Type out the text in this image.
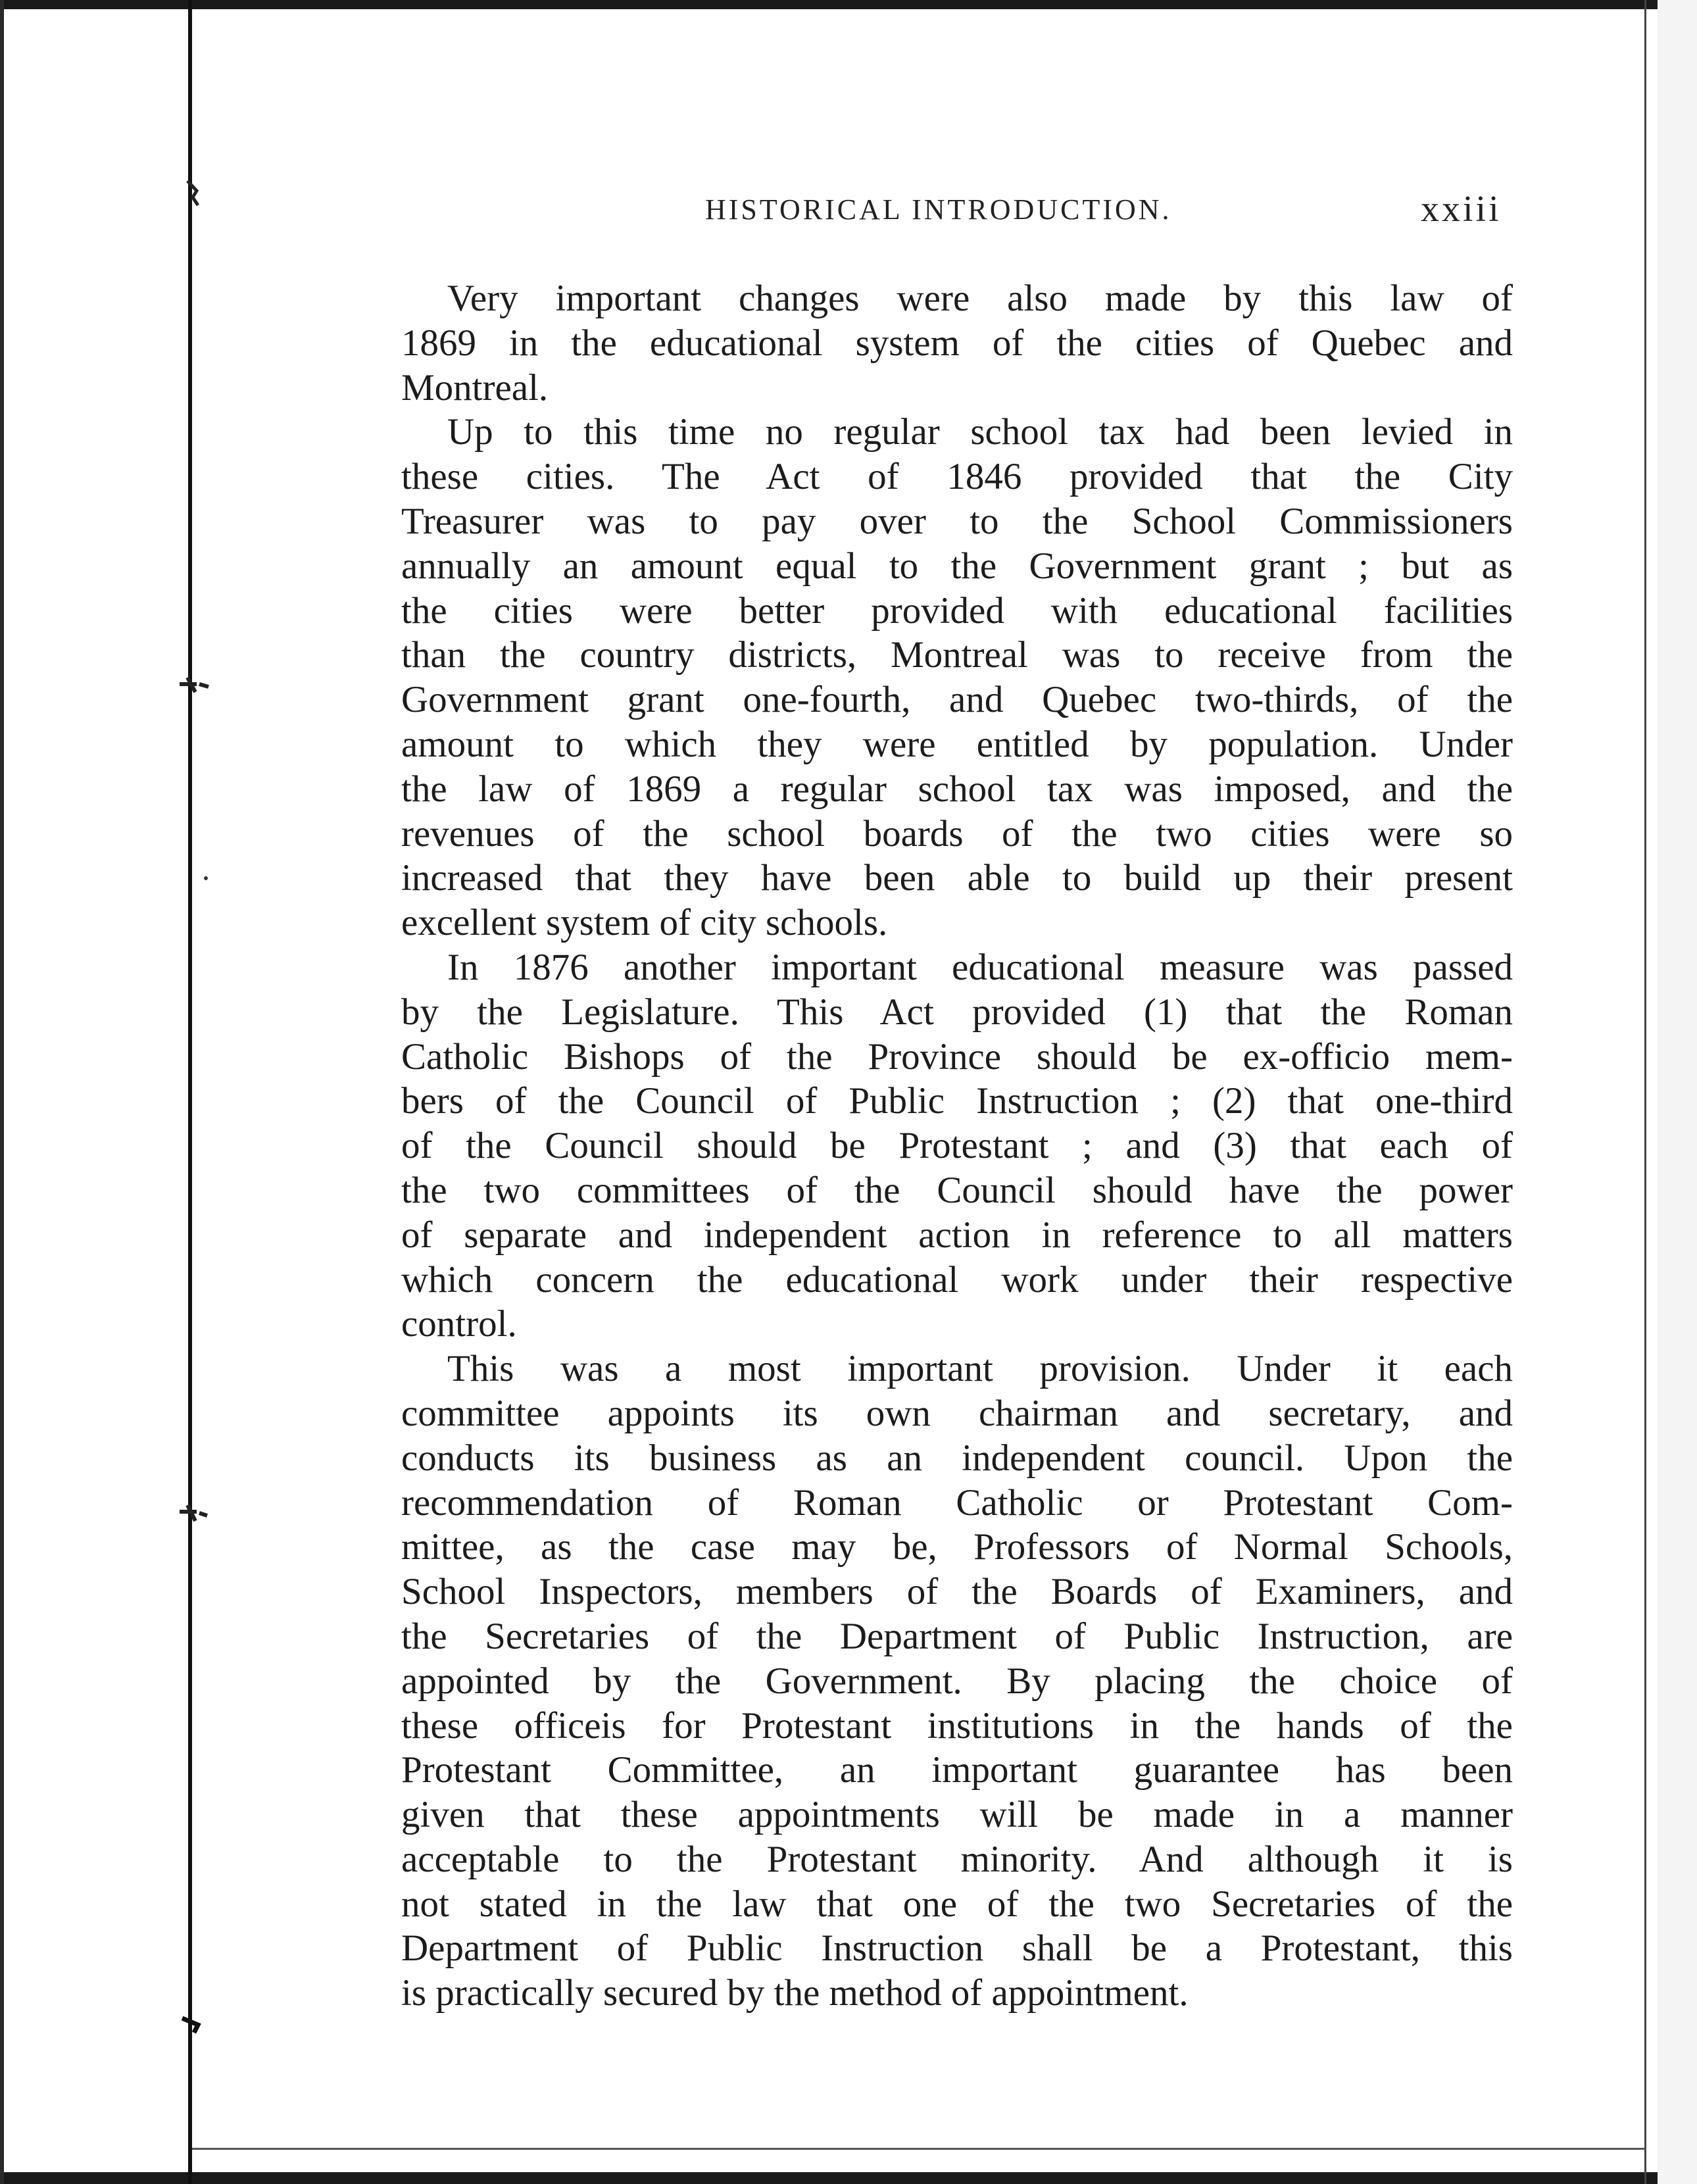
HISTORICAL INTRODUCTION.	xxiii
Very important changes were also made by this law of
1869 in the educational system of the cities of Quebec and
Montreal.
Up to this time no regular school tax had been levied in
these cities. The Act of 1846 provided that the City
Treasurer was to pay over to the School Commissioners
annually an amount equal to the Government grant ; but as
the cities were better provided with educational facilities
than the country districts, Montreal was to receive from the
Government grant one-fourth, and Quebec two-thirds, of the
amount to which they were entitled by population. Under
the law of 1869 a regular school tax was imposed, and the
revenues of the school boards of the two cities were so
increased that they have been able to build up their present
excellent system of city schools.
In 1876 another important educational measure was passed
by the Legislature. This Act provided (1) that the Roman
Catholic Bishops of the Province should be ex-officio mem-
bers of the Council of Public Instruction ; (2) that one-third
of the Council should be Protestant ; and (3) that each of
the two committees of the Council should have the power
of separate and independent action in reference to all matters
which concern the educational work under their respective
control.
This was a most important provision. Under it each
committee appoints its own chairman and secretary, and
conducts its business as an independent council. Upon the
recommendation of Roman Catholic or Protestant Com-
mittee, as the case may be, Professors of Normal Schools,
School Inspectors, members of the Boards of Examiners, and
the Secretaries of the Department of Public Instruction, are
appointed by the Government. By placing the choice of
these officeis for Protestant institutions in the hands of the
Protestant Committee, an important guarantee has been
given that these appointments will be made in a manner
acceptable to the Protestant minority. And although it is
not stated in the law that one of the two Secretaries of the
Department of Public Instruction shall be a Protestant, this
is practically secured by the method of appointment.
